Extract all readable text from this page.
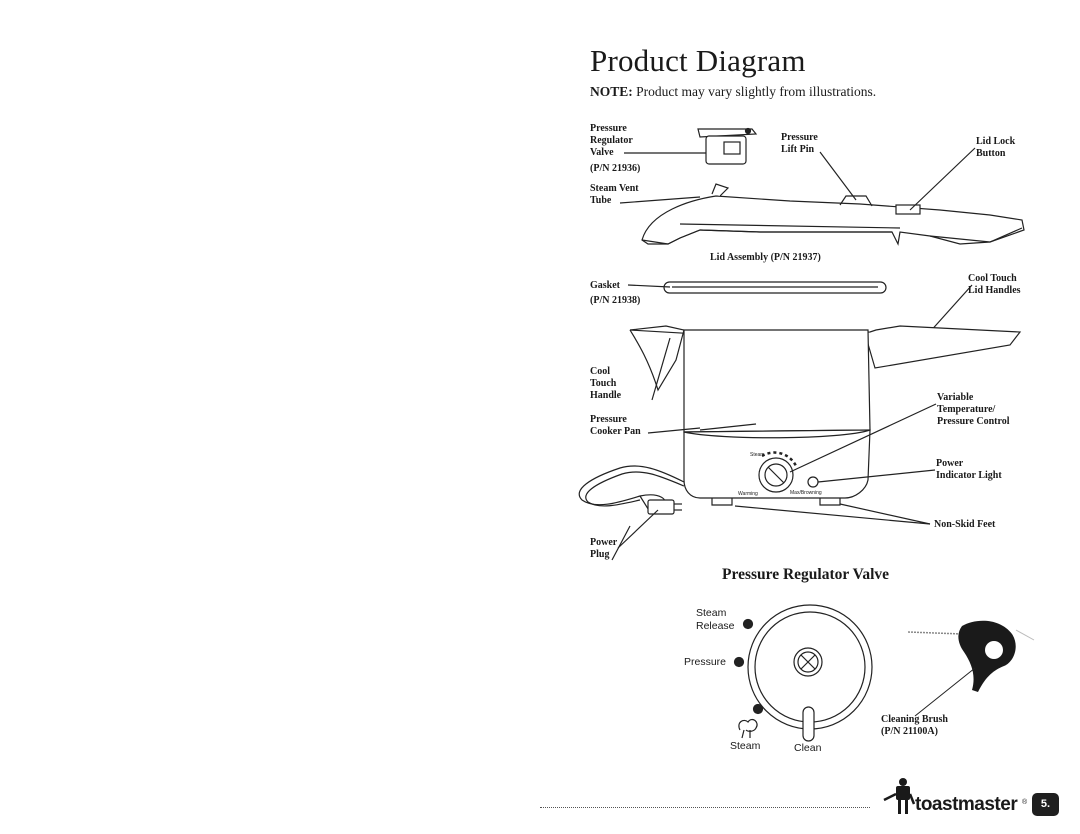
Product Diagram
NOTE: Product may vary slightly from illustrations.
Pressure
Regulator
Valve
(P/N 21936)
Pressure
Lift Pin
Lid Lock
Button
Steam Vent
Tube
Lid Assembly (P/N 21937)
Gasket
(P/N 21938)
Cool Touch
Lid Handles
Cool
Touch
Handle	Variable
Temperature/
Pressure Control
Pressure
Cooker Pan
Power
Indicator Light
Non-Skid Feet
Power
Plug
Steam
Warming	Max/Browning
Pressure Regulator Valve
Steam
Release
Pressure
Steam	Clean
Cleaning Brush
(P/N 21100A)
toastmaster ®	5.
